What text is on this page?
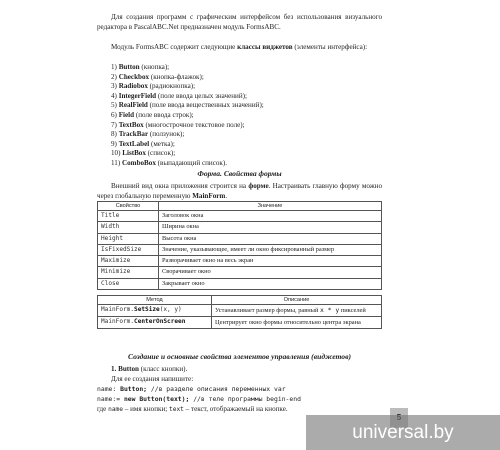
Для создания программ с графическим интерфейсом без использования визуального редактора в PascalABC.Net предназначен модуль FormsABC.
Модуль FormsABC содержит следующие классы виджетов (элементы интерфейса):
1) Button (кнопка);
2) Checkbox (кнопка-флажок);
3) Radiobox (радиокнопка);
4) IntegerField (поле ввода целых значений);
5) RealField (поле ввода вещественных значений);
6) Field (поле ввода строк);
7) TextBox (многострочное текстовое поле);
8) TrackBar (ползунок);
9) TextLabel (метка);
10) ListBox (список);
11) ComboBox (выпадающий список).
Форма. Свойства формы
Внешний вид окна приложения строится на форме. Настраивать главную форму можно через глобальную переменную MainForm.
Свойство	Значение
Title	Заголовок окна
Width	Ширина окна
Height	Высота окна
IsFixedSize	Значение, указывающее, имеет ли окно фиксированный размер
Maximize	Разворачивает окно на весь экран
Minimize	Сворачивает окно
Close	Закрывает окно
Метод	Описание
MainForm.SetSize(x, y)	Устанавливает размер формы, равный x * y пикселей
MainForm.CenterOnScreen	Центрирует окно формы относительно центра экрана
Создание и основные свойства элементов управления (виджетов)
1. Button (класс кнопки).
Для ее создания напишите:
name: Button; //в разделе описания переменных var
name:= new Button(text); //в теле программы begin-end
где name – имя кнопки; text – текст, отображаемый на кнопке.
universal.by
